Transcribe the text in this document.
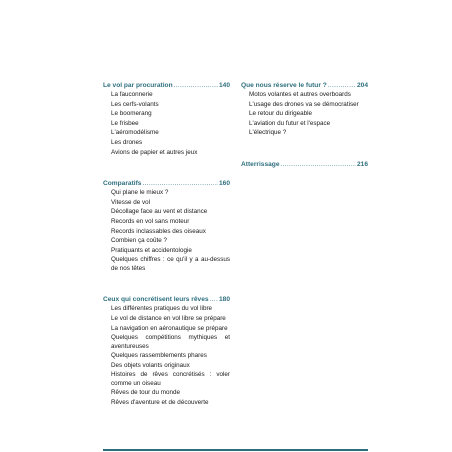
Le vol par procuration .....	140
La fauconnerie
Les cerfs-volants
Le boomerang
Le frisbee
L'aéromodélisme
Les drones
Avions de papier et autres jeux
Comparatifs .....	160
Qui plane le mieux ?
Vitesse de vol
Décollage face au vent et distance
Records en vol sans moteur
Records inclassables des oiseaux
Combien ça coûte ?
Pratiquants et accidentologie
Quelques chiffres : ce qu'il y a au-dessus de nos têtes
Ceux qui concrétisent leurs rêves ..... 180
Les différentes pratiques du vol libre
Le vol de distance en vol libre se prépare
La navigation en aéronautique se prépare
Quelques compétitions mythiques et aventureuses
Quelques rassemblements phares
Des objets volants originaux
Histoires de rêves concrétisés : voler comme un oiseau
Rêves de tour du monde
Rêves d'aventure et de découverte
Que nous réserve le futur ? .....	204
Motos volantes et autres overboards
L'usage des drones va se démocratiser
Le retour du dirigeable
L'aviation du futur et l'espace
L'électrique ?
Atterrissage .....	216
